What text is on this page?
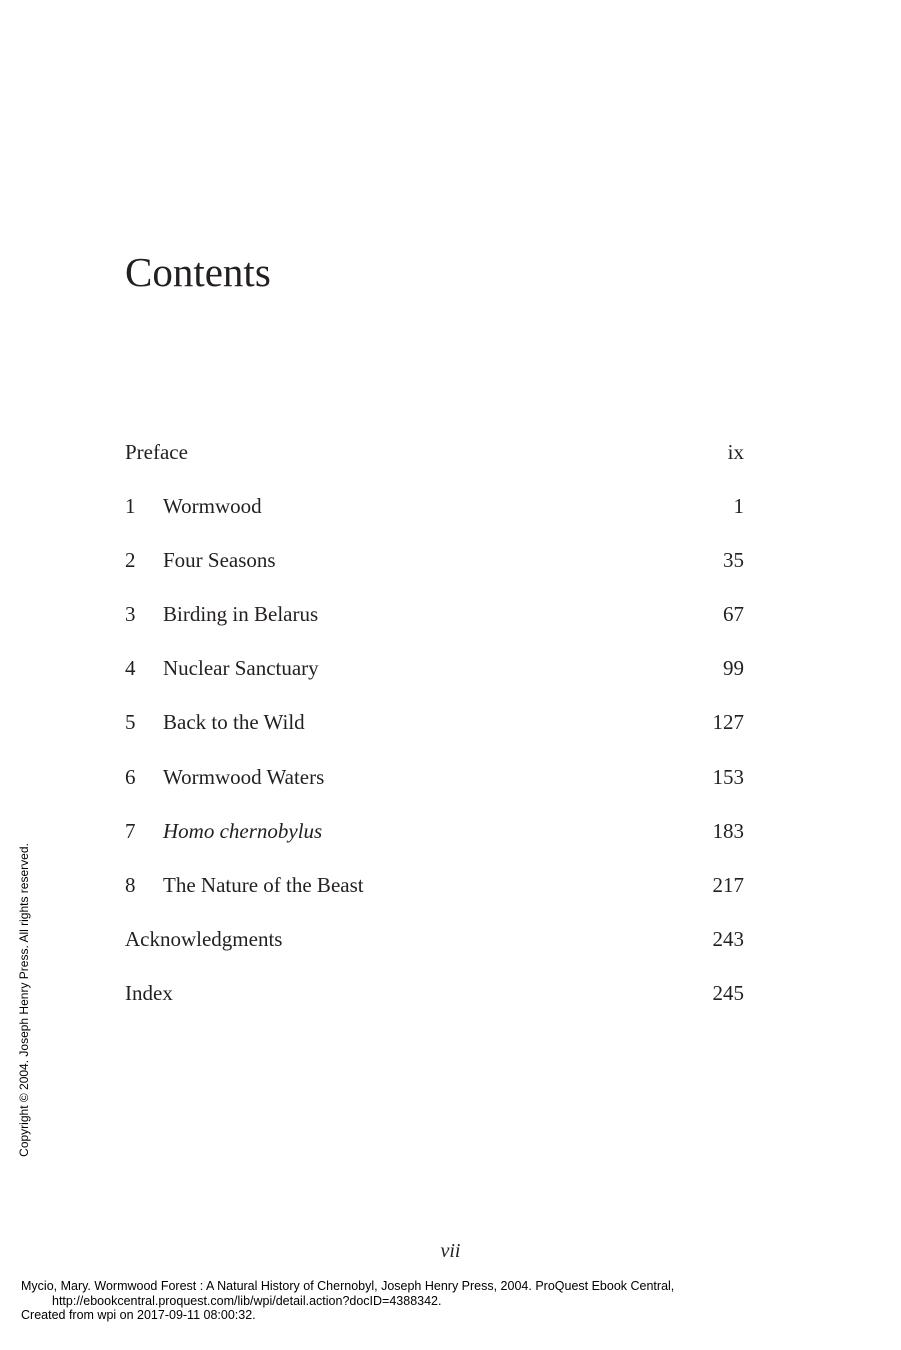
Contents
Preface	ix
1	Wormwood	1
2	Four Seasons	35
3	Birding in Belarus	67
4	Nuclear Sanctuary	99
5	Back to the Wild	127
6	Wormwood Waters	153
7	Homo chernobylus	183
8	The Nature of the Beast	217
Acknowledgments	243
Index	245
Copyright © 2004. Joseph Henry Press. All rights reserved.
vii
Mycio, Mary. Wormwood Forest : A Natural History of Chernobyl, Joseph Henry Press, 2004. ProQuest Ebook Central,
http://ebookcentral.proquest.com/lib/wpi/detail.action?docID=4388342.
Created from wpi on 2017-09-11 08:00:32.
